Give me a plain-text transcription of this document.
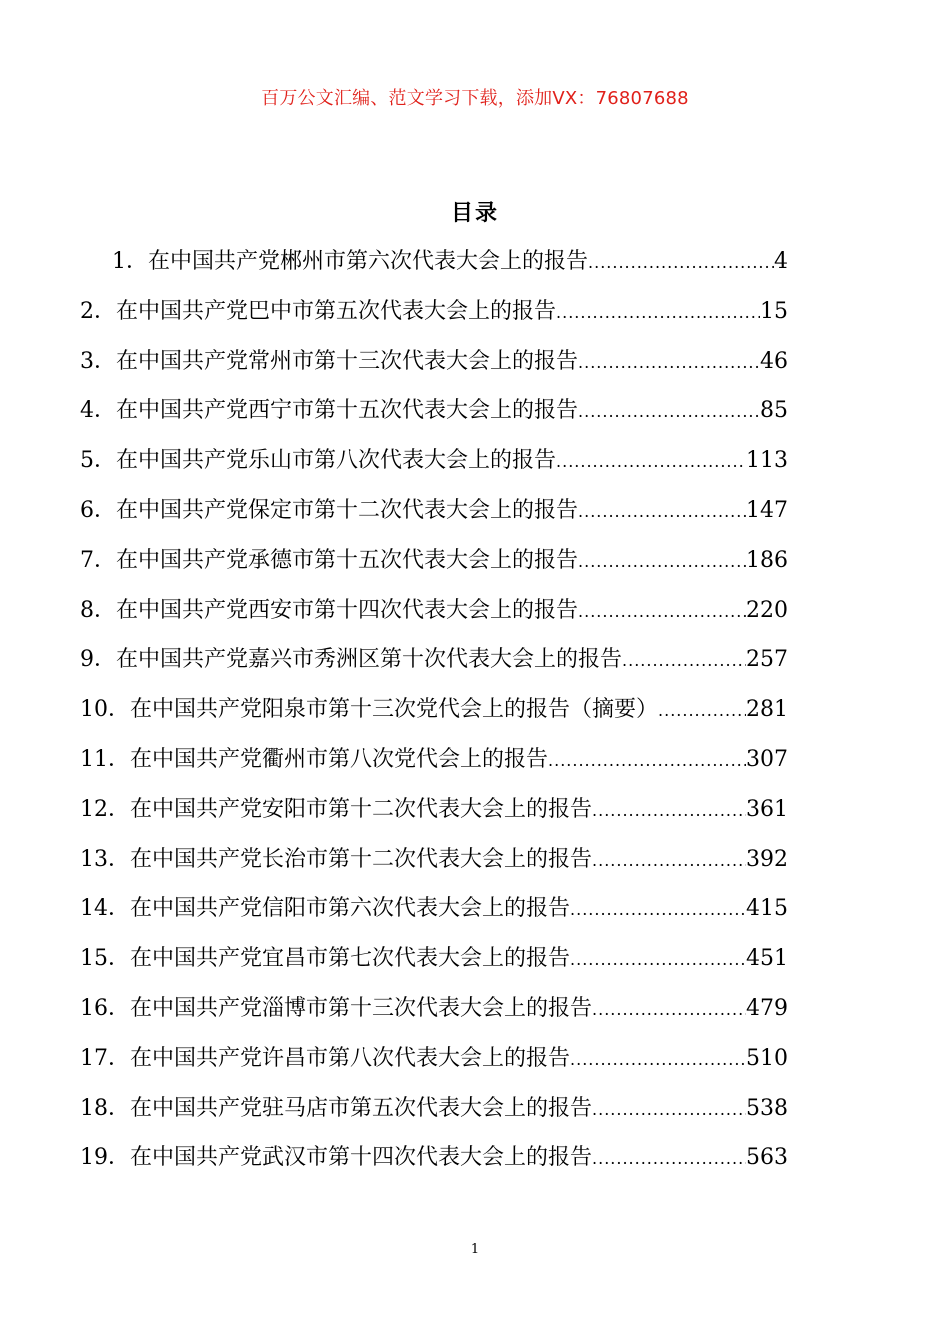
百万公文汇编、范文学习下载，添加VX：76807688
目录
1． 在中国共产党郴州市第六次代表大会上的报告 .....	4
2． 在中国共产党巴中市第五次代表大会上的报告 .....	15
3． 在中国共产党常州市第十三次代表大会上的报告 .....	46
4． 在中国共产党西宁市第十五次代表大会上的报告 .....	85
5． 在中国共产党乐山市第八次代表大会上的报告 .....	113
6． 在中国共产党保定市第十二次代表大会上的报告 .....	147
7． 在中国共产党承德市第十五次代表大会上的报告 .....	186
8． 在中国共产党西安市第十四次代表大会上的报告 .....	220
9． 在中国共产党嘉兴市秀洲区第十次代表大会上的报告 .....	257
10． 在中国共产党阳泉市第十三次党代会上的报告（摘要） .....	281
11． 在中国共产党衢州市第八次党代会上的报告 .....	307
12． 在中国共产党安阳市第十二次代表大会上的报告 .....	361
13． 在中国共产党长治市第十二次代表大会上的报告 .....	392
14． 在中国共产党信阳市第六次代表大会上的报告 .....	415
15． 在中国共产党宜昌市第七次代表大会上的报告 .....	451
16． 在中国共产党淄博市第十三次代表大会上的报告 .....	479
17． 在中国共产党许昌市第八次代表大会上的报告 .....	510
18． 在中国共产党驻马店市第五次代表大会上的报告 .....	538
19． 在中国共产党武汉市第十四次代表大会上的报告 .....	563
1
